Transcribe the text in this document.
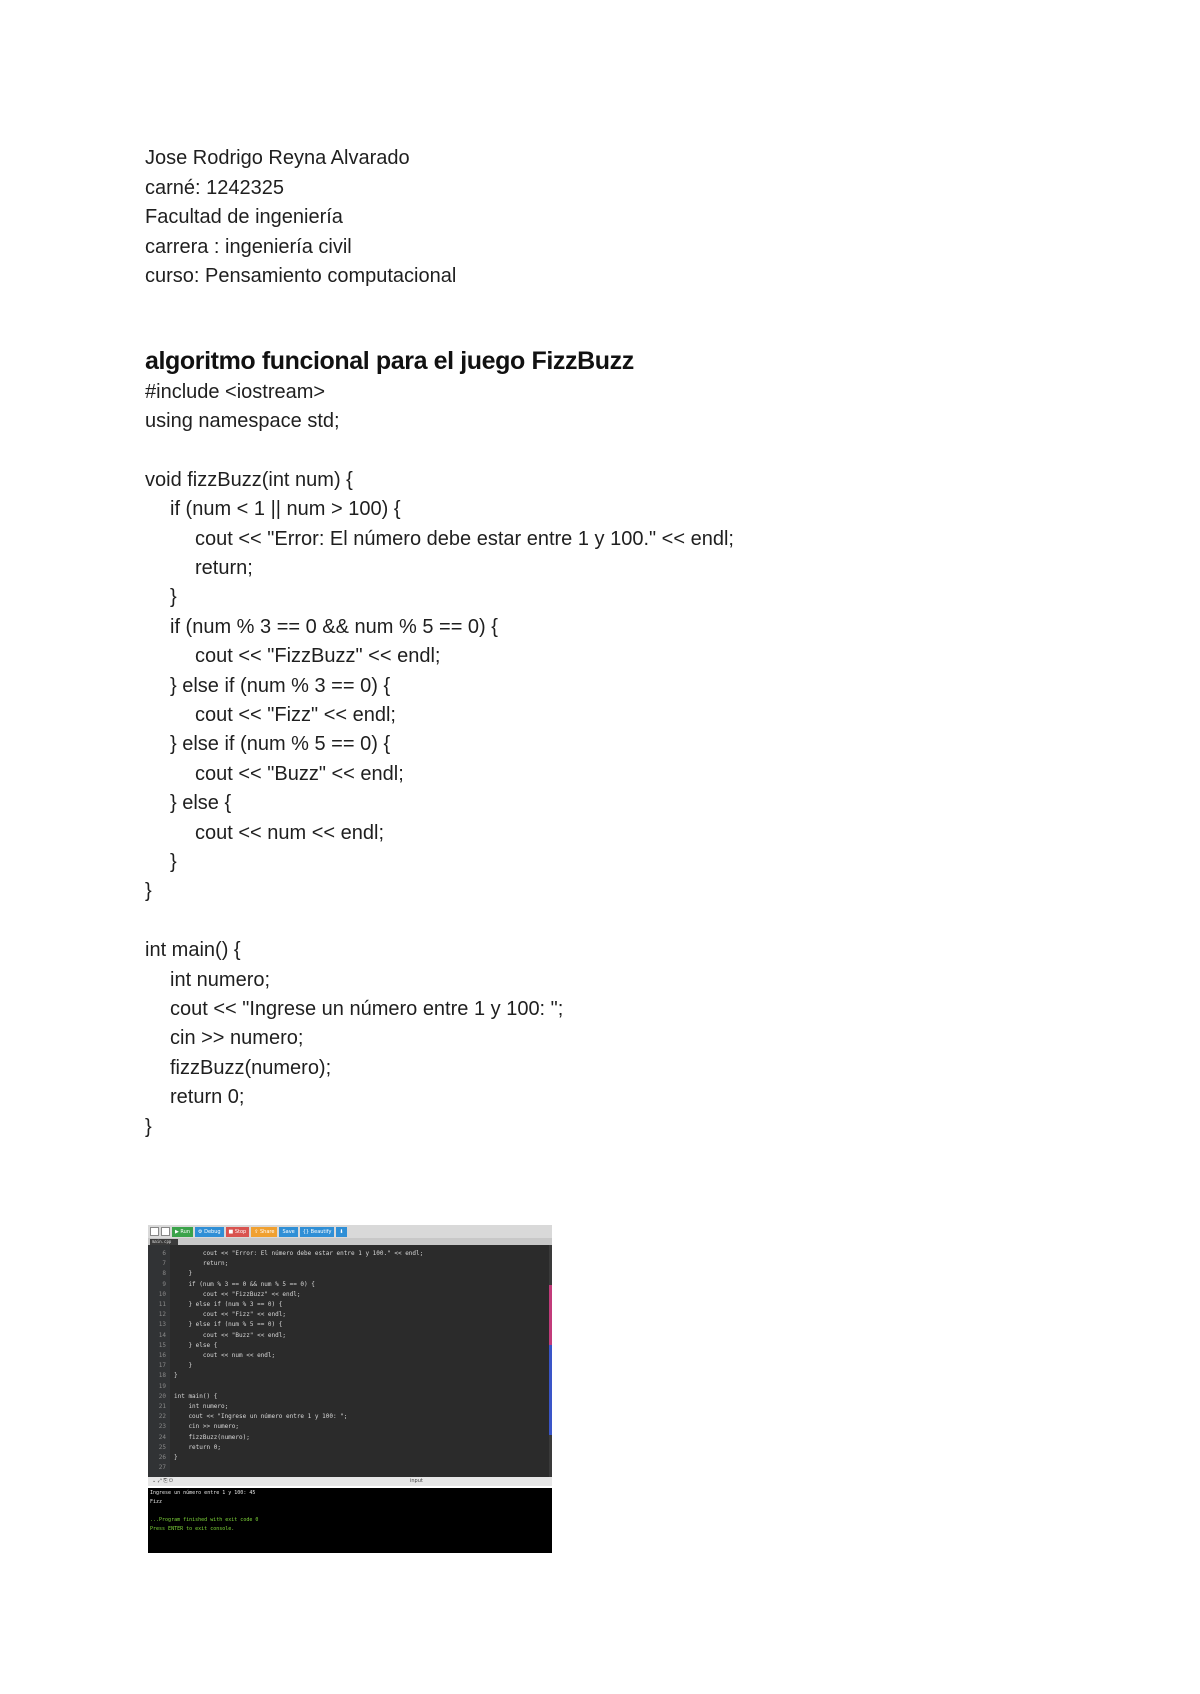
Jose Rodrigo Reyna Alvarado
carné: 1242325
Facultad de ingeniería
carrera : ingeniería civil
curso: Pensamiento computacional
algoritmo funcional para el juego FizzBuzz
#include <iostream>
using namespace std;
void fizzBuzz(int num) {
if (num < 1 || num > 100) {
cout << "Error: El número debe estar entre 1 y 100." << endl;
return;
}
if (num % 3 == 0 && num % 5 == 0) {
cout << "FizzBuzz" << endl;
} else if (num % 3 == 0) {
cout << "Fizz" << endl;
} else if (num % 5 == 0) {
cout << "Buzz" << endl;
} else {
cout << num << endl;
}
}
int main() {
int numero;
cout << "Ingrese un número entre 1 y 100: ";
cin >> numero;
fizzBuzz(numero);
return 0;
}
▶ Run	⚙ Debug	■ Stop	⇪ Share	Save	{} Beautify	⬇
main.cpp
6 cout << "Error: El número debe estar entre 1 y 100." << endl;
7 return;
8 }
9 if (num % 3 == 0 && num % 5 == 0) {
10 cout << "FizzBuzz" << endl;
11 } else if (num % 3 == 0) {
12 cout << "Fizz" << endl;
13 } else if (num % 5 == 0) {
14 cout << "Buzz" << endl;
15 } else {
16 cout << num << endl;
17 }
18 }
19
20 int main() {
21 int numero;
22 cout << "Ingrese un número entre 1 y 100: ";
23 cin >> numero;
24 fizzBuzz(numero);
25 return 0;
26 }
27
⌄ ⤢ ⎘ ⏻	input
Ingrese un número entre 1 y 100: 45
Fizz
...Program finished with exit code 0
Press ENTER to exit console.
